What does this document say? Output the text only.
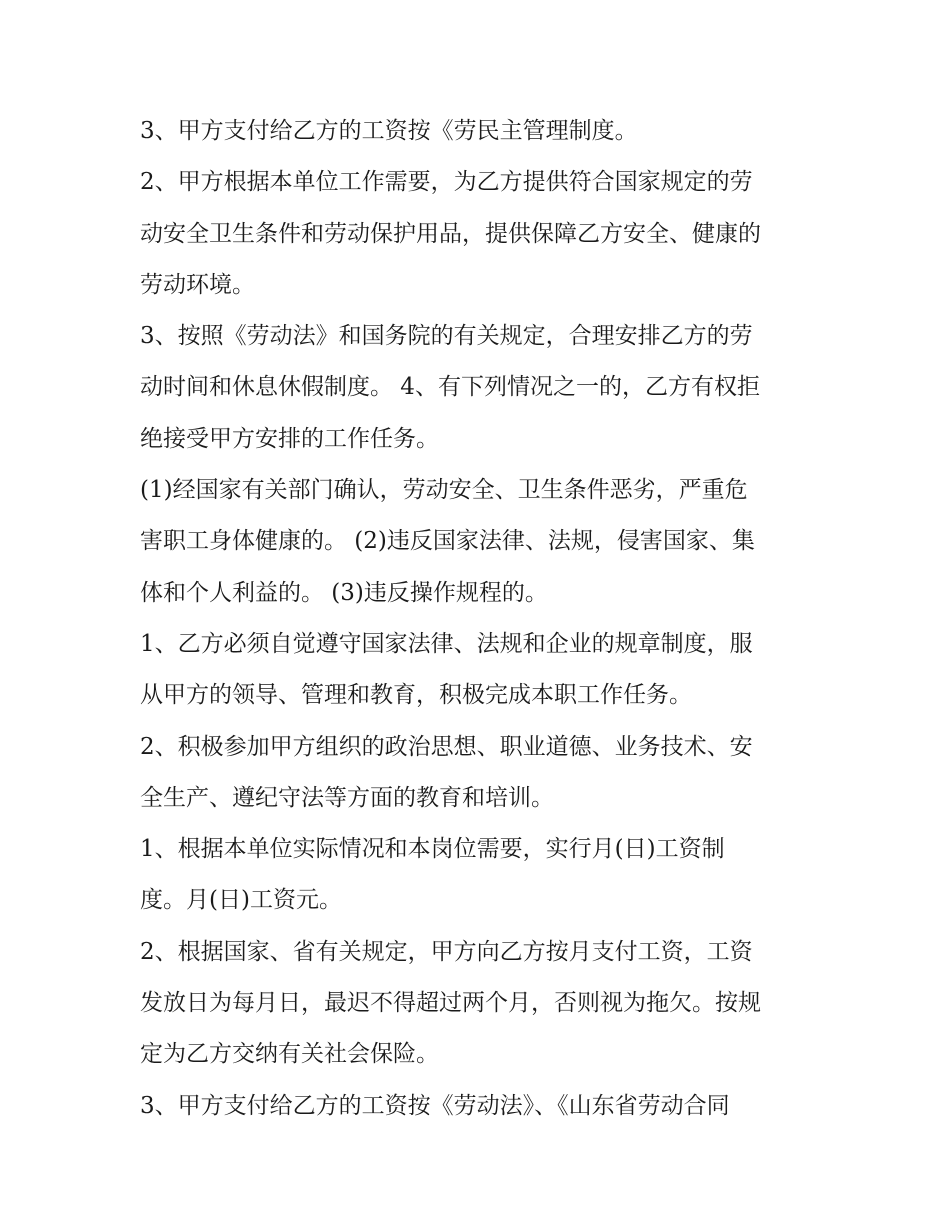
3、甲方支付给乙方的工资按《劳民主管理制度。
2、甲方根据本单位工作需要，为乙方提供符合国家规定的劳
动安全卫生条件和劳动保护用品，提供保障乙方安全、健康的
劳动环境。
3、按照《劳动法》和国务院的有关规定，合理安排乙方的劳
动时间和休息休假制度。 4、有下列情况之一的，乙方有权拒
绝接受甲方安排的工作任务。
(1)经国家有关部门确认，劳动安全、卫生条件恶劣，严重危
害职工身体健康的。 (2)违反国家法律、法规，侵害国家、集
体和个人利益的。 (3)违反操作规程的。
1、乙方必须自觉遵守国家法律、法规和企业的规章制度，服
从甲方的领导、管理和教育，积极完成本职工作任务。
2、积极参加甲方组织的政治思想、职业道德、业务技术、安
全生产、遵纪守法等方面的教育和培训。
1、根据本单位实际情况和本岗位需要，实行月(日)工资制
度。月(日)工资元。
2、根据国家、省有关规定，甲方向乙方按月支付工资，工资
发放日为每月日，最迟不得超过两个月，否则视为拖欠。按规
定为乙方交纳有关社会保险。
3、甲方支付给乙方的工资按《劳动法》、《山东省劳动合同
